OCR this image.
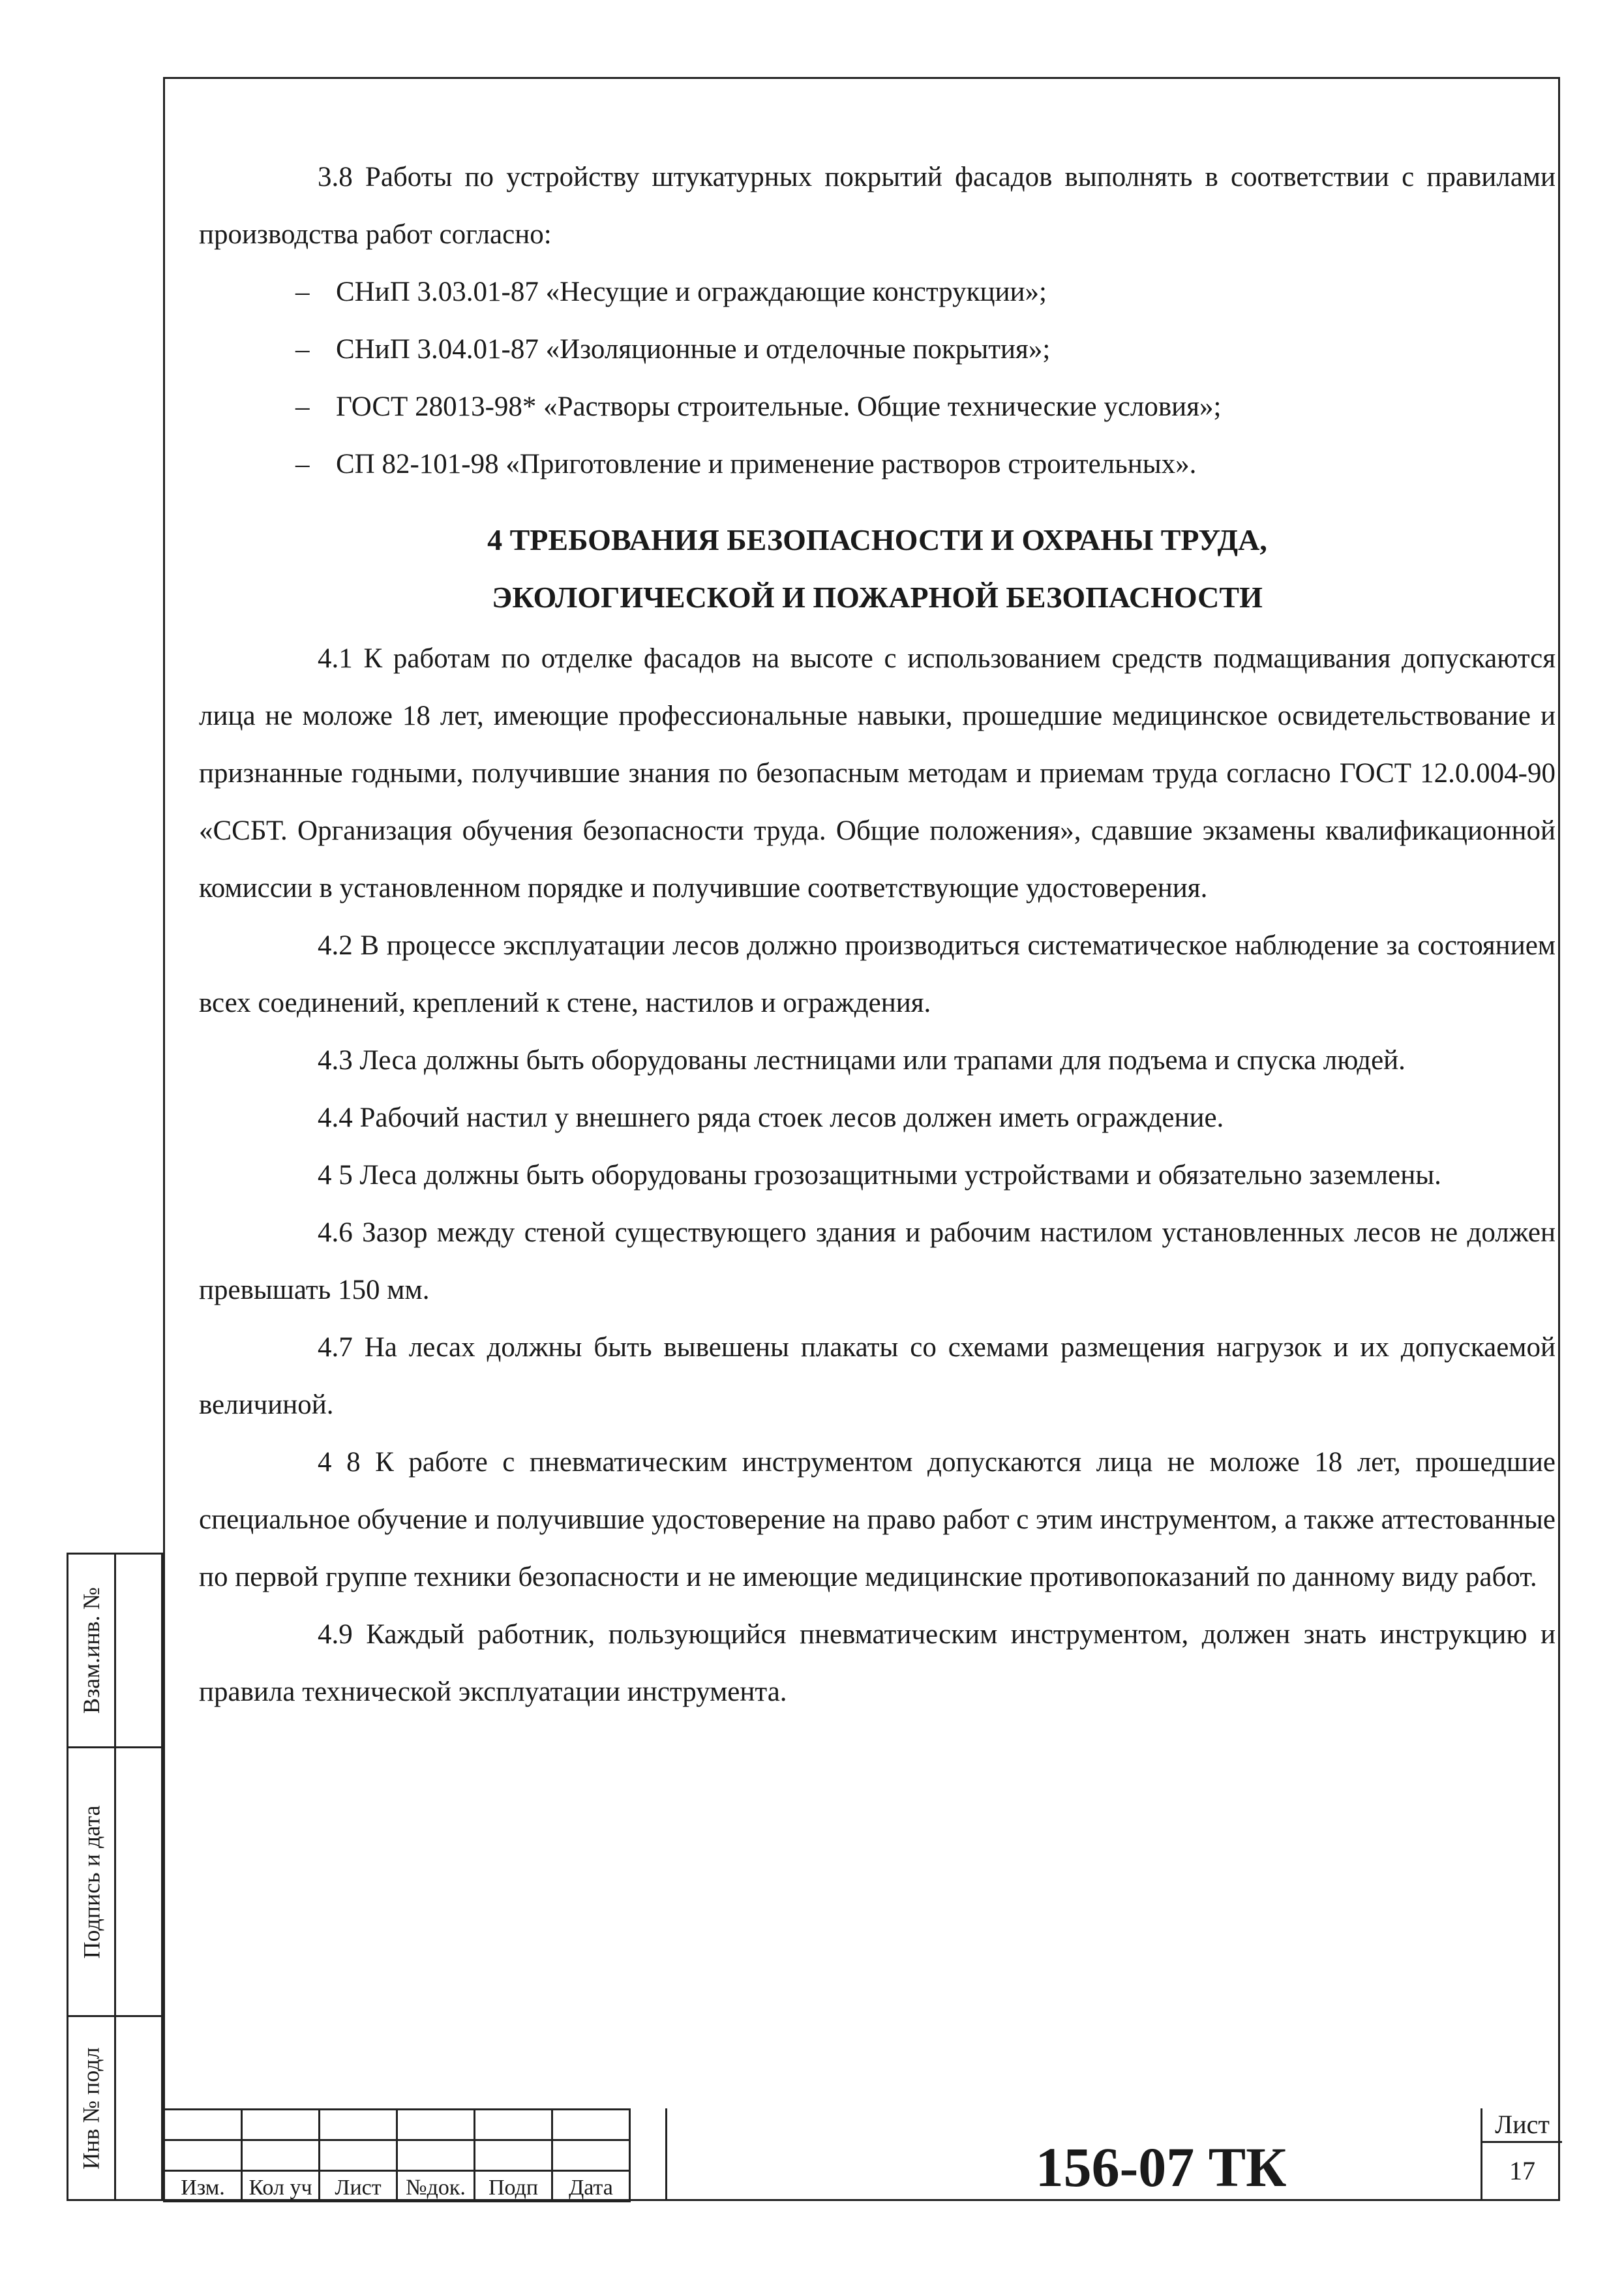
3.8 Работы по устройству штукатурных покрытий фасадов выполнять в соответствии с правилами производства работ согласно:

– СНиП 3.03.01-87 «Несущие и ограждающие конструкции»;

– СНиП 3.04.01-87 «Изоляционные и отделочные покрытия»;

– ГОСТ 28013-98* «Растворы строительные. Общие технические условия»;

– СП 82-101-98 «Приготовление и применение растворов строительных».

4 ТРЕБОВАНИЯ БЕЗОПАСНОСТИ И ОХРАНЫ ТРУДА,
ЭКОЛОГИЧЕСКОЙ И ПОЖАРНОЙ БЕЗОПАСНОСТИ

4.1 К работам по отделке фасадов на высоте с использованием средств подмащивания допускаются лица не моложе 18 лет, имеющие профессиональные навыки, прошедшие медицинское освидетельствование и признанные годными, получившие знания по безопасным методам и приемам труда согласно ГОСТ 12.0.004-90 «ССБТ. Организация обучения безопасности труда. Общие положения», сдавшие экзамены квалификационной комиссии в установленном порядке и получившие соответствующие удостоверения.

4.2 В процессе эксплуатации лесов должно производиться систематическое наблюдение за состоянием всех соединений, креплений к стене, настилов и ограждения.

4.3 Леса должны быть оборудованы лестницами или трапами для подъема и спуска людей.

4.4 Рабочий настил у внешнего ряда стоек лесов должен иметь ограждение.

4 5 Леса должны быть оборудованы грозозащитными устройствами и обязательно заземлены.

4.6 Зазор между стеной существующего здания и рабочим настилом установленных лесов не должен превышать 150 мм.

4.7 На лесах должны быть вывешены плакаты со схемами размещения нагрузок и их допускаемой величиной.

4 8 К работе с пневматическим инструментом допускаются лица не моложе 18 лет, прошедшие специальное обучение и получившие удостоверение на право работ с этим инструментом, а также аттестованные по первой группе техники безопасности и не имеющие медицинские противопоказаний по данному виду работ.

4.9 Каждый работник, пользующийся пневматическим инструментом, должен знать инструкцию и правила технической эксплуатации инструмента.

Взам.инв. №
Подпись и дата
Инв № подл

Изм.	Кол уч	Лист	№док.	Подп	Дата	156-07 ТК
Лист
17
